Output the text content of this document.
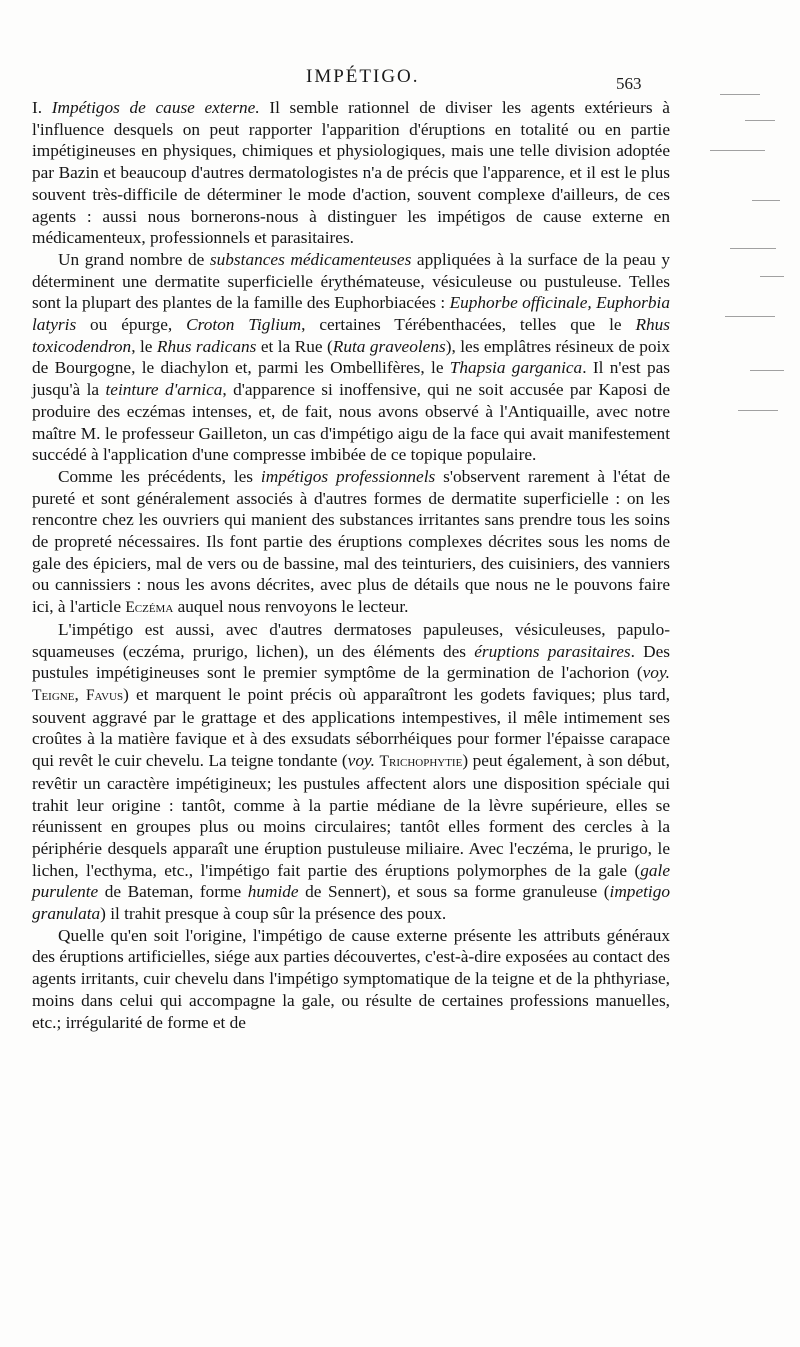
IMPÉTIGO.	563

I. Impétigos de cause externe. Il semble rationnel de diviser les agents extérieurs à l'influence desquels on peut rapporter l'apparition d'éruptions en totalité ou en partie impétigineuses en physiques, chimiques et physiologiques, mais une telle division adoptée par Bazin et beaucoup d'autres dermatologistes n'a de précis que l'apparence, et il est le plus souvent très-difficile de déterminer le mode d'action, souvent complexe d'ailleurs, de ces agents : aussi nous bornerons-nous à distinguer les impétigos de cause externe en médicamenteux, professionnels et parasitaires.

Un grand nombre de substances médicamenteuses appliquées à la surface de la peau y déterminent une dermatite superficielle érythémateuse, vésiculeuse ou pustuleuse. Telles sont la plupart des plantes de la famille des Euphorbiacées : Euphorbe officinale, Euphorbia latyris ou épurge, Croton Tiglium, certaines Térébenthacées, telles que le Rhus toxicodendron, le Rhus radicans et la Rue (Ruta graveolens), les emplâtres résineux de poix de Bourgogne, le diachylon et, parmi les Ombellifères, le Thapsia garganica. Il n'est pas jusqu'à la teinture d'arnica, d'apparence si inoffensive, qui ne soit accusée par Kaposi de produire des eczémas intenses, et, de fait, nous avons observé à l'Antiquaille, avec notre maître M. le professeur Gailleton, un cas d'impétigo aigu de la face qui avait manifestement succédé à l'application d'une compresse imbibée de ce topique populaire.

Comme les précédents, les impétigos professionnels s'observent rarement à l'état de pureté et sont généralement associés à d'autres formes de dermatite superficielle : on les rencontre chez les ouvriers qui manient des substances irritantes sans prendre tous les soins de propreté nécessaires. Ils font partie des éruptions complexes décrites sous les noms de gale des épiciers, mal de vers ou de bassine, mal des teinturiers, des cuisiniers, des vanniers ou cannissiers : nous les avons décrites, avec plus de détails que nous ne le pouvons faire ici, à l'article Eczéma auquel nous renvoyons le lecteur.

L'impétigo est aussi, avec d'autres dermatoses papuleuses, vésiculeuses, papulo-squameuses (eczéma, prurigo, lichen), un des éléments des éruptions parasitaires. Des pustules impétigineuses sont le premier symptôme de la germination de l'achorion (voy. Teigne, Favus) et marquent le point précis où apparaîtront les godets faviques; plus tard, souvent aggravé par le grattage et des applications intempestives, il mêle intimement ses croûtes à la matière favique et à des exsudats séborrhéiques pour former l'épaisse carapace qui revêt le cuir chevelu. La teigne tondante (voy. Trichophytie) peut également, à son début, revêtir un caractère impétigineux; les pustules affectent alors une disposition spéciale qui trahit leur origine : tantôt, comme à la partie médiane de la lèvre supérieure, elles se réunissent en groupes plus ou moins circulaires; tantôt elles forment des cercles à la périphérie desquels apparaît une éruption pustuleuse miliaire. Avec l'eczéma, le prurigo, le lichen, l'ecthyma, etc., l'impétigo fait partie des éruptions polymorphes de la gale (gale purulente de Bateman, forme humide de Sennert), et sous sa forme granuleuse (impetigo granulata) il trahit presque à coup sûr la présence des poux.

Quelle qu'en soit l'origine, l'impétigo de cause externe présente les attributs généraux des éruptions artificielles, siége aux parties découvertes, c'est-à-dire exposées au contact des agents irritants, cuir chevelu dans l'impétigo symptomatique de la teigne et de la phthyriase, moins dans celui qui accompagne la gale, ou résulte de certaines professions manuelles, etc.; irrégularité de forme et de
